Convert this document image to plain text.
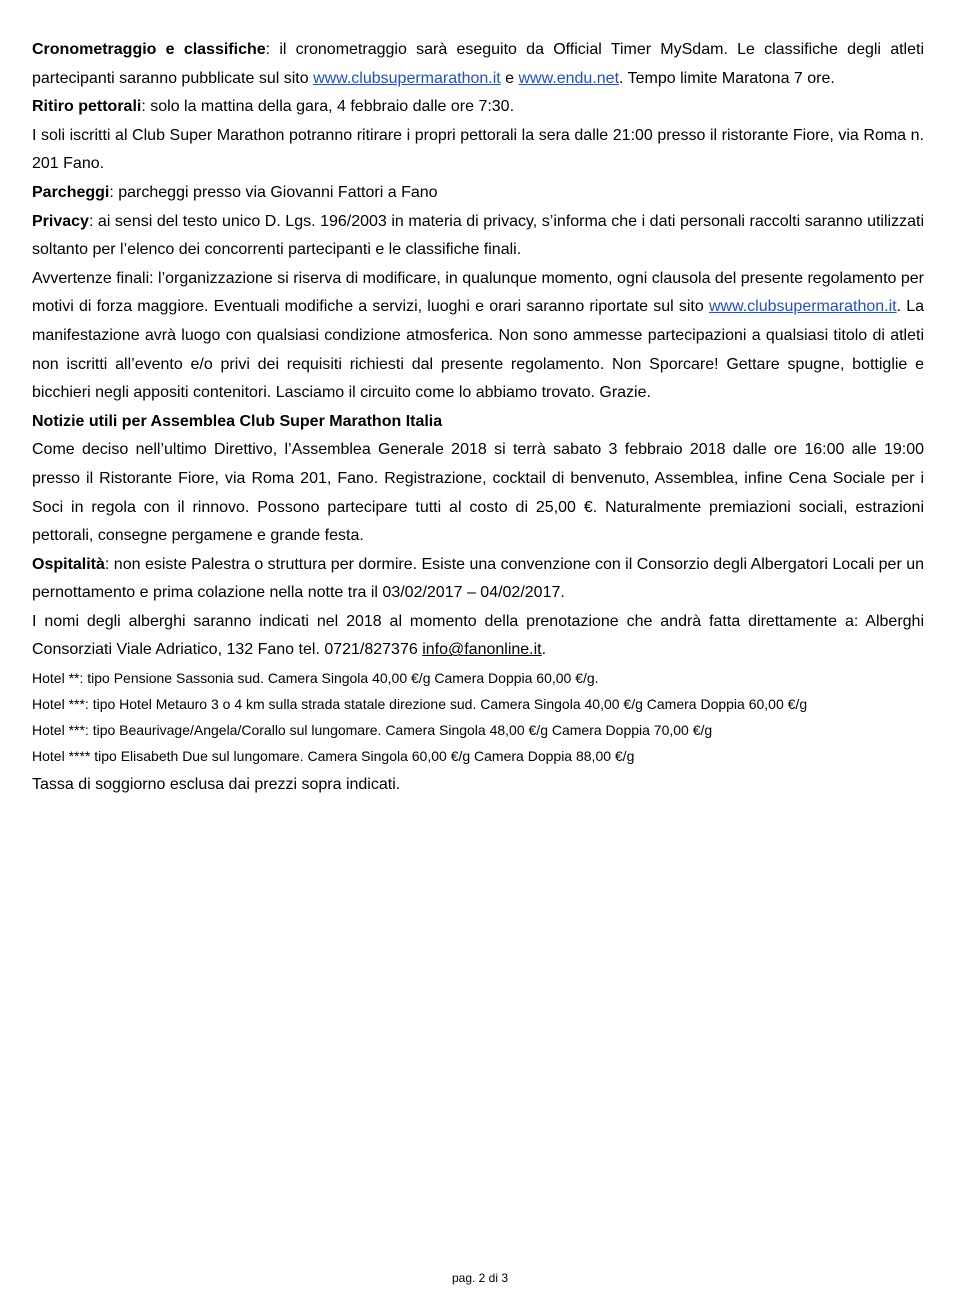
Cronometraggio e classifiche: il cronometraggio sarà eseguito da Official Timer MySdam. Le classifiche degli atleti partecipanti saranno pubblicate sul sito www.clubsupermarathon.it e www.endu.net. Tempo limite Maratona 7 ore.

Ritiro pettorali: solo la mattina della gara, 4 febbraio dalle ore 7:30.

I soli iscritti al Club Super Marathon potranno ritirare i propri pettorali la sera dalle 21:00 presso il ristorante Fiore, via Roma n. 201 Fano.

Parcheggi: parcheggi presso via Giovanni Fattori a Fano

Privacy: ai sensi del testo unico D. Lgs. 196/2003 in materia di privacy, s’informa che i dati personali raccolti saranno utilizzati soltanto per l’elenco dei concorrenti partecipanti e le classifiche finali.

Avvertenze finali: l’organizzazione si riserva di modificare, in qualunque momento, ogni clausola del presente regolamento per motivi di forza maggiore. Eventuali modifiche a servizi, luoghi e orari saranno riportate sul sito www.clubsupermarathon.it. La manifestazione avrà luogo con qualsiasi condizione atmosferica. Non sono ammesse partecipazioni a qualsiasi titolo di atleti non iscritti all’evento e/o privi dei requisiti richiesti dal presente regolamento. Non Sporcare! Gettare spugne, bottiglie e bicchieri negli appositi contenitori. Lasciamo il circuito come lo abbiamo trovato. Grazie.

Notizie utili per Assemblea Club Super Marathon Italia

Come deciso nell’ultimo Direttivo, l’Assemblea Generale 2018 si terrà sabato 3 febbraio 2018 dalle ore 16:00 alle 19:00 presso il Ristorante Fiore, via Roma 201, Fano. Registrazione, cocktail di benvenuto, Assemblea, infine Cena Sociale per i Soci in regola con il rinnovo. Possono partecipare tutti al costo di 25,00 €. Naturalmente premiazioni sociali, estrazioni pettorali, consegne pergamene e grande festa.

Ospitalità: non esiste Palestra o struttura per dormire. Esiste una convenzione con il Consorzio degli Albergatori Locali per un pernottamento e prima colazione nella notte tra il 03/02/2017 – 04/02/2017.

I nomi degli alberghi saranno indicati nel 2018 al momento della prenotazione che andrà fatta direttamente a: Alberghi Consorziati Viale Adriatico, 132 Fano tel. 0721/827376 info@fanonline.it.

Hotel **: tipo Pensione Sassonia sud. Camera Singola 40,00 €/g Camera Doppia 60,00 €/g.

Hotel ***: tipo Hotel Metauro 3 o 4 km sulla strada statale direzione sud. Camera Singola 40,00 €/g Camera Doppia 60,00 €/g

Hotel ***: tipo Beaurivage/Angela/Corallo sul lungomare. Camera Singola 48,00 €/g Camera Doppia 70,00 €/g

Hotel **** tipo Elisabeth Due sul lungomare. Camera Singola 60,00 €/g Camera Doppia 88,00 €/g

Tassa di soggiorno esclusa dai prezzi sopra indicati.

pag. 2 di 3
